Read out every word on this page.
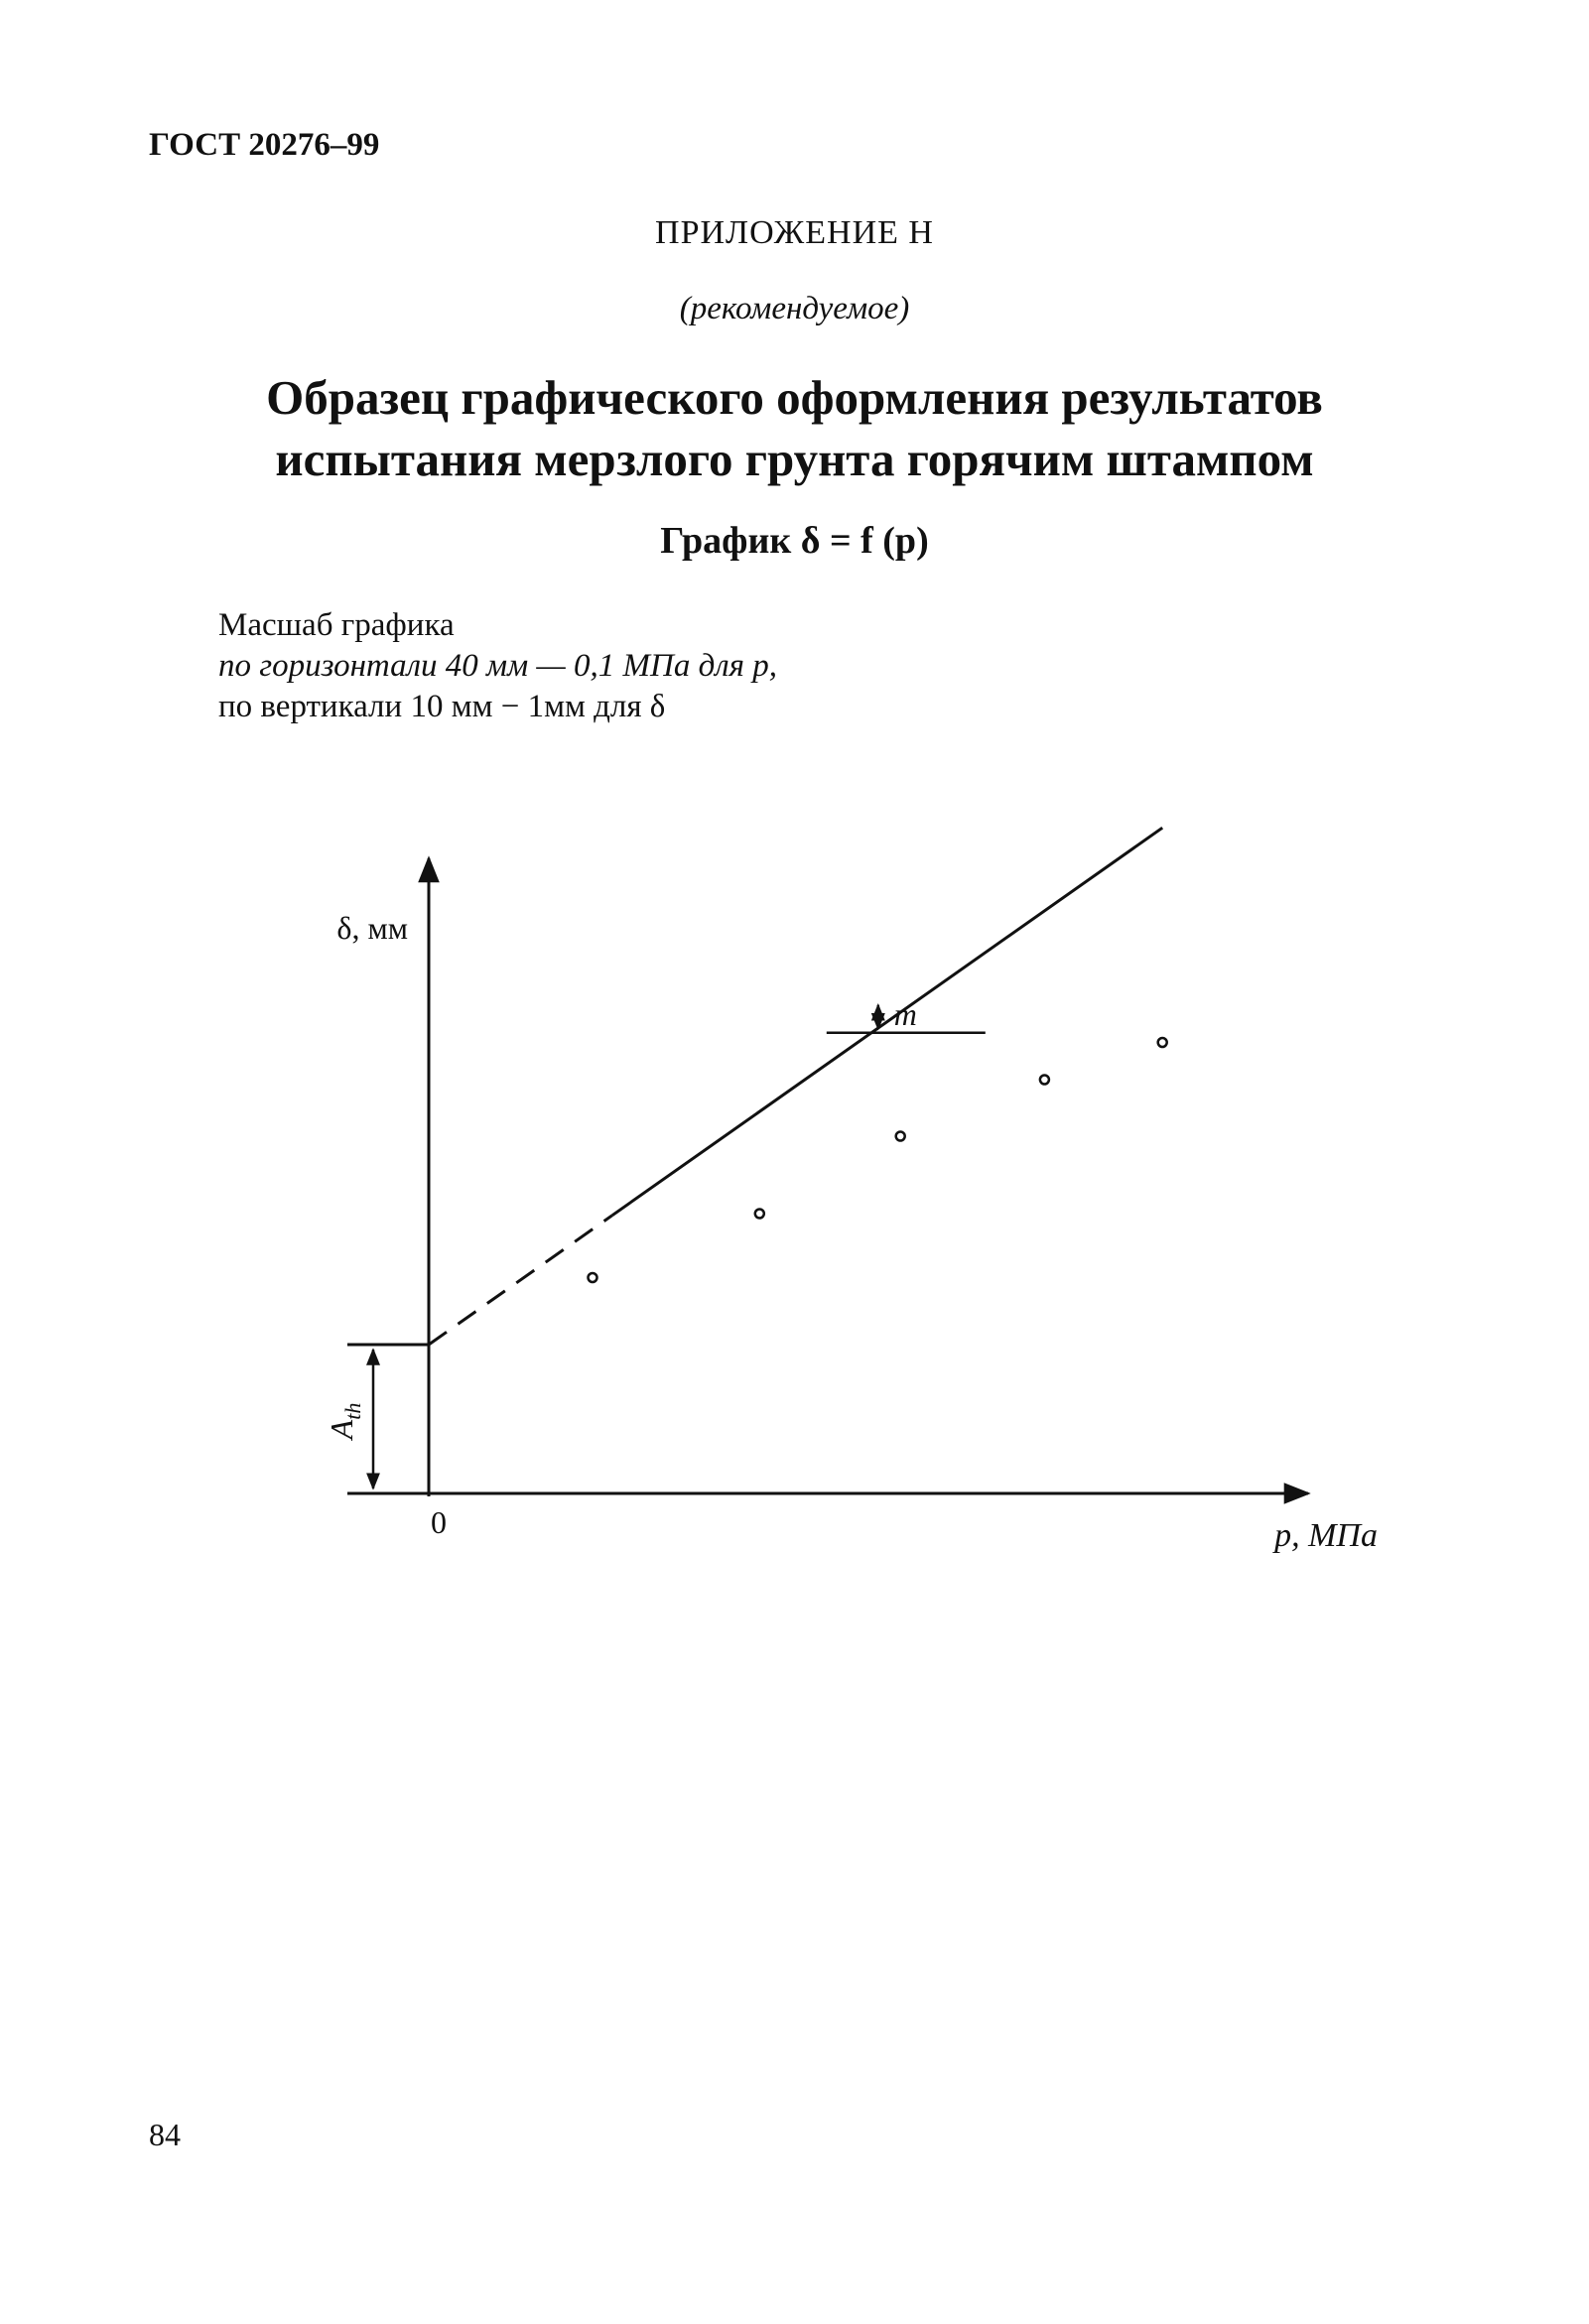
ГОСТ 20276–99
ПРИЛОЖЕНИЕ Н
(рекомендуемое)
Образец графического оформления результатов
испытания мерзлого грунта горячим штампом
График δ = f (p)
Масшаб графика
по горизонтали 40 мм — 0,1 МПа для p,
по вертикали 10 мм − 1мм для δ
δ, мм
p, МПа
0
$A_{th}$
m
84
